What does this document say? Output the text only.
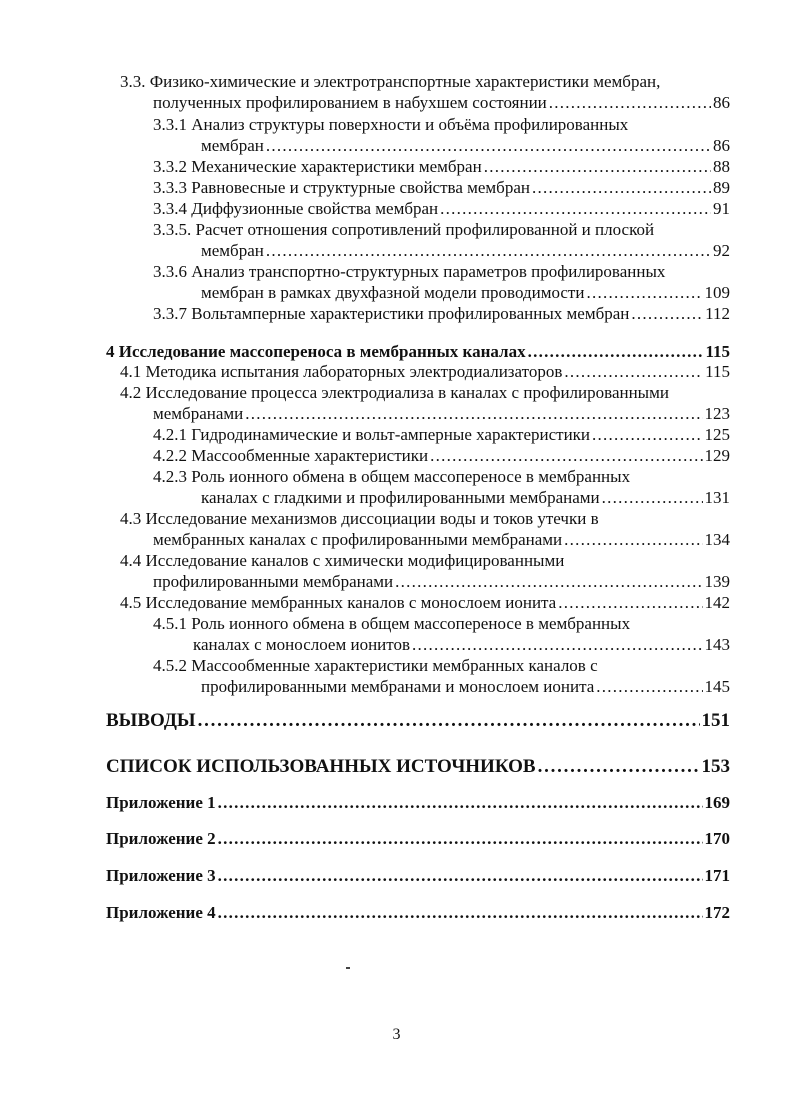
3.3. Физико-химические и электротранспортные характеристики мембран,
полученных профилированием в набухшем состоянии . . .	86
3.3.1 Анализ структуры поверхности и объёма профилированных
мембран . . .	86
3.3.2 Механические характеристики мембран . . .	88
3.3.3 Равновесные и структурные свойства мембран . . .	89
3.3.4 Диффузионные свойства мембран . . .	91
3.3.5. Расчет отношения сопротивлений профилированной и плоской
мембран . . .	92
3.3.6 Анализ транспортно-структурных параметров профилированных
мембран в рамках двухфазной модели проводимости . . .	109
3.3.7 Вольтамперные характеристики профилированных мембран . . .	112
4 Исследование массопереноса в мембранных каналах . . .	115
4.1 Методика испытания лабораторных электродиализаторов . . .	115
4.2 Исследование процесса электродиализа в каналах с профилированными
мембранами . . .	123
4.2.1 Гидродинамические и вольт-амперные характеристики . . .	125
4.2.2 Массообменные характеристики . . .	129
4.2.3 Роль ионного обмена в общем массопереносе в мембранных
каналах с гладкими и профилированными мембранами . . .	131
4.3 Исследование механизмов диссоциации воды и токов утечки в
мембранных каналах с профилированными мембранами . . .	134
4.4 Исследование каналов с химически модифицированными
профилированными мембранами . . .	139
4.5 Исследование мембранных каналов с монослоем ионита . . .	142
4.5.1 Роль ионного обмена в общем массопереносе в мембранных
каналах с монослоем ионитов . . .	143
4.5.2 Массообменные характеристики мембранных каналов с
профилированными мембранами и монослоем ионита . . .	145
ВЫВОДЫ . . .	151
СПИСОК ИСПОЛЬЗОВАННЫХ ИСТОЧНИКОВ . . .	153
Приложение 1 . . .	169
Приложение 2 . . .	170
Приложение 3 . . .	171
Приложение 4 . . .	172
3
